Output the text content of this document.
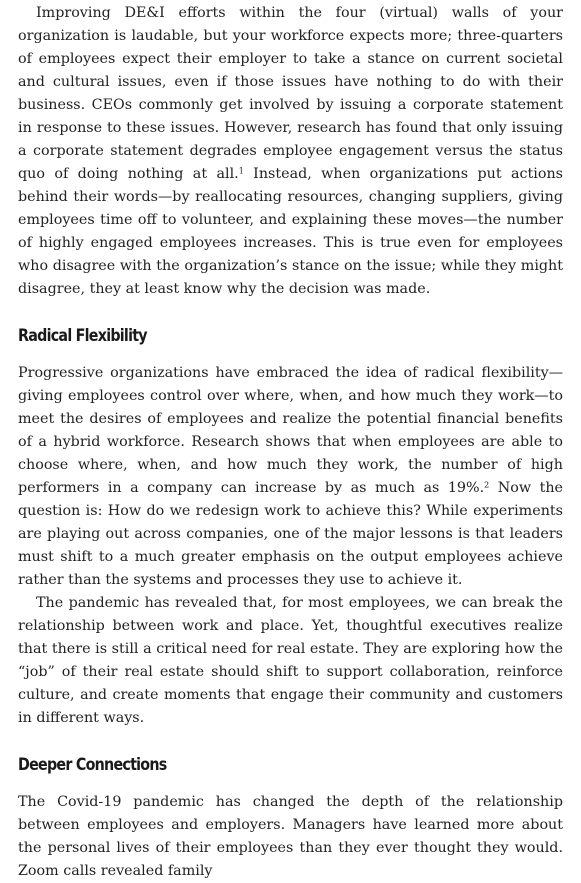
Improving DE&I efforts within the four (virtual) walls of your organization is laudable, but your workforce expects more; three-quarters of employees expect their employer to take a stance on current societal and cultural issues, even if those issues have nothing to do with their business. CEOs commonly get involved by issuing a corporate statement in response to these issues. However, research has found that only issuing a corporate statement degrades employee engagement versus the status quo of doing nothing at all.$^1$ Instead, when organizations put actions behind their words—by reallocating resources, changing suppliers, giving employees time off to volunteer, and explaining these moves—the number of highly engaged employees increases. This is true even for employees who disagree with the organization’s stance on the issue; while they might disagree, they at least know why the decision was made.

Radical Flexibility

Progressive organizations have embraced the idea of radical flexibility—giving employees control over where, when, and how much they work—to meet the desires of employees and realize the potential financial benefits of a hybrid workforce. Research shows that when employees are able to choose where, when, and how much they work, the number of high performers in a company can increase by as much as 19%.$^2$ Now the question is: How do we redesign work to achieve this? While experiments are playing out across companies, one of the major lessons is that leaders must shift to a much greater emphasis on the output employees achieve rather than the systems and processes they use to achieve it.

The pandemic has revealed that, for most employees, we can break the relationship between work and place. Yet, thoughtful executives realize that there is still a critical need for real estate. They are exploring how the “job” of their real estate should shift to support collaboration, reinforce culture, and create moments that engage their community and customers in different ways.

Deeper Connections

The Covid-19 pandemic has changed the depth of the relationship between employees and employers. Managers have learned more about the personal lives of their employees than they ever thought they would. Zoom calls revealed family
